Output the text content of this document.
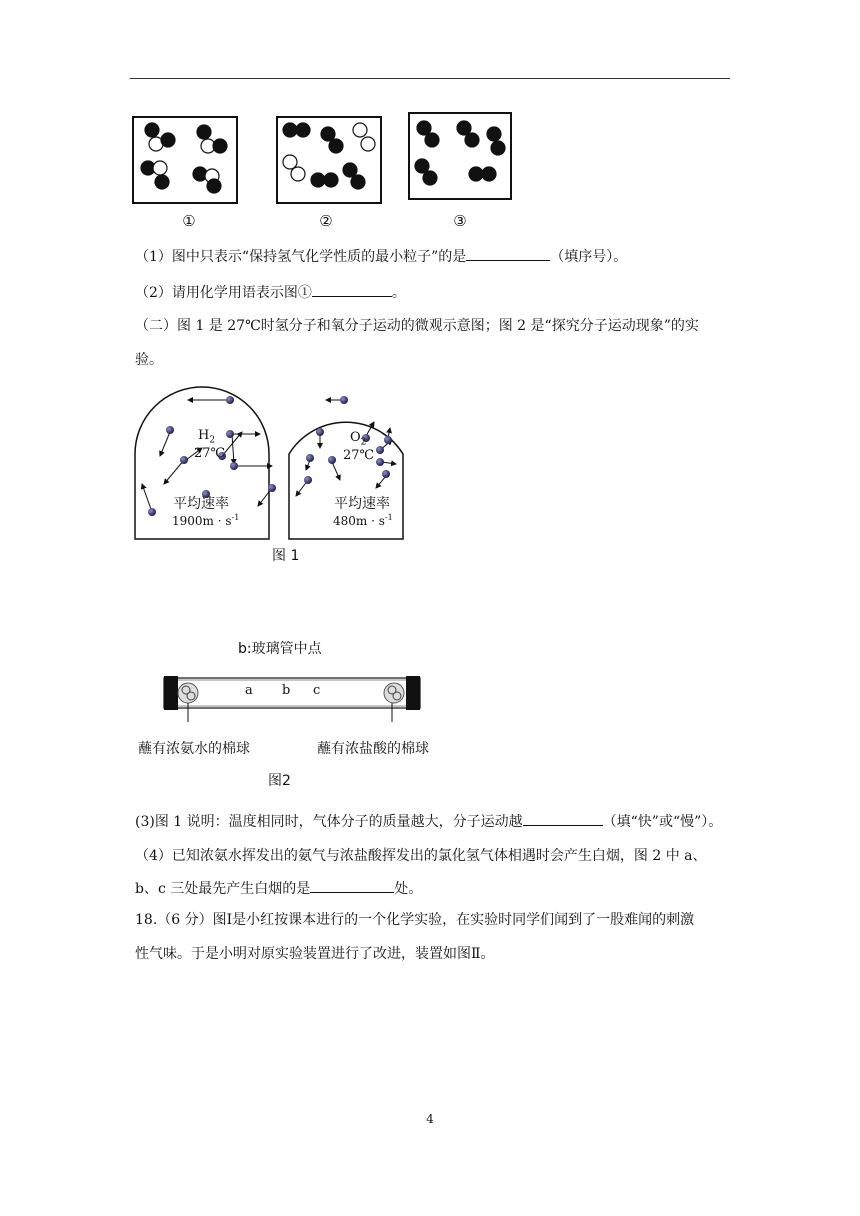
①	②	③
（1）图中只表示“保持氢气化学性质的最小粒子”的是	（填序号）。
（2）请用化学用语表示图①	。
（二）图 1 是 27℃时氢分子和氧分子运动的微观示意图；图 2 是“探究分子运动现象”的实
验。
$H_2$
27℃
平均速率
$1900m \cdot s^{-1}$
$O_2$
27℃
平均速率
$480m \cdot s^{-1}$
图 1
b:玻璃管中点
a b c
蘸有浓氨水的棉球	蘸有浓盐酸的棉球
图2
(3)图 1 说明：温度相同时，气体分子的质量越大，分子运动越	（填“快”或“慢”）。
（4）已知浓氨水挥发出的氨气与浓盐酸挥发出的氯化氢气体相遇时会产生白烟，图 2 中 a、
b、c 三处最先产生白烟的是	处。
18.（6 分）图Ⅰ是小红按课本进行的一个化学实验，在实验时同学们闻到了一股难闻的刺激
性气味。于是小明对原实验装置进行了改进，装置如图Ⅱ。
4
